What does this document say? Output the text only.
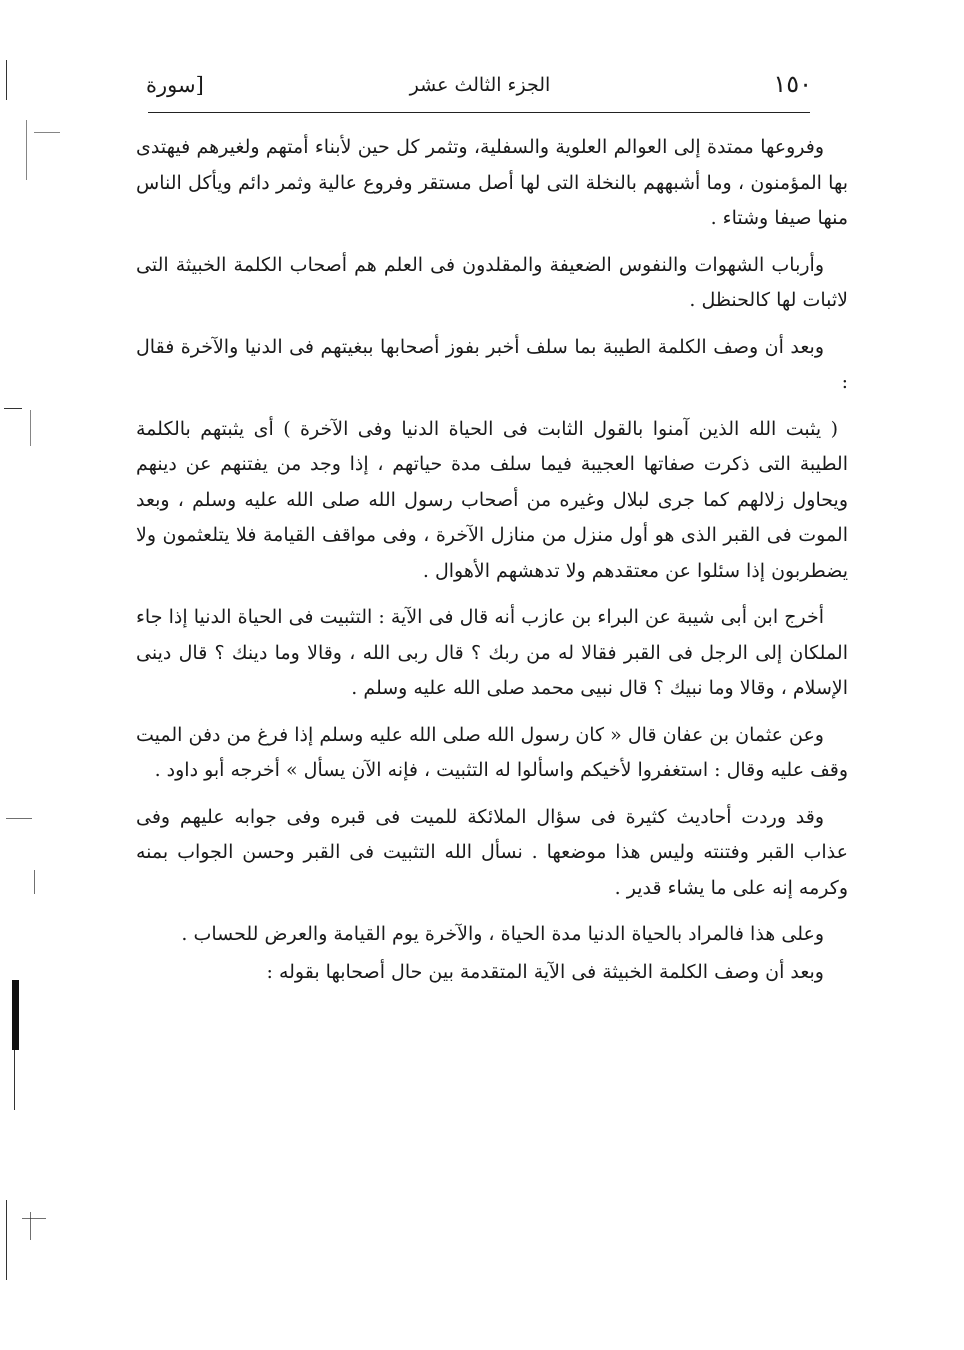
١٥٠
الجزء الثالث عشر
[سورة

وفروعها ممتدة إلى العوالم العلوية والسفلية، وتثمر كل حين لأبناء أمتهم ولغيرهم فيهتدى بها المؤمنون ، وما أشبههم بالنخلة التى لها أصل مستقر وفروع عالية وثمر دائم ويأكل الناس منها صيفا وشتاء .

وأرباب الشهوات والنفوس الضعيفة والمقلدون فى العلم هم أصحاب الكلمة الخبيثة التى لاثبات لها كالحنظل .

وبعد أن وصف الكلمة الطيبة بما سلف أخبر بفوز أصحابها ببغيتهم فى الدنيا والآخرة فقال :

( يثبت الله الذين آمنوا بالقول الثابت فى الحياة الدنيا وفى الآخرة ) أى يثبتهم بالكلمة الطيبة التى ذكرت صفاتها العجيبة فيما سلف مدة حياتهم ، إذا وجد من يفتنهم عن دينهم ويحاول زلالهم كما جرى لبلال وغيره من أصحاب رسول الله صلى الله عليه وسلم ، وبعد الموت فى القبر الذى هو أول منزل من منازل الآخرة ، وفى مواقف القيامة فلا يتلعثمون ولا يضطربون إذا سئلوا عن معتقدهم ولا تدهشهم الأهوال .

أخرج ابن أبى شيبة عن البراء بن عازب أنه قال فى الآية : التثبيت فى الحياة الدنيا إذا جاء الملكان إلى الرجل فى القبر فقالا له من ربك ؟ قال ربى الله ، وقالا وما دينك ؟ قال دينى الإسلام ، وقالا وما نبيك ؟ قال نبيى محمد صلى الله عليه وسلم .

وعن عثمان بن عفان قال « كان رسول الله صلى الله عليه وسلم إذا فرغ من دفن الميت وقف عليه وقال : استغفروا لأخيكم واسألوا له التثبيت ، فإنه الآن يسأل » أخرجه أبو داود .

وقد وردت أحاديث كثيرة فى سؤال الملائكة للميت فى قبره وفى جوابه عليهم وفى عذاب القبر وفتنته وليس هذا موضعها . نسأل الله التثبيت فى القبر وحسن الجواب بمنه وكرمه إنه على ما يشاء قدير .

وعلى هذا فالمراد بالحياة الدنيا مدة الحياة ، والآخرة يوم القيامة والعرض للحساب .

وبعد أن وصف الكلمة الخبيثة فى الآية المتقدمة بين حال أصحابها بقوله :
